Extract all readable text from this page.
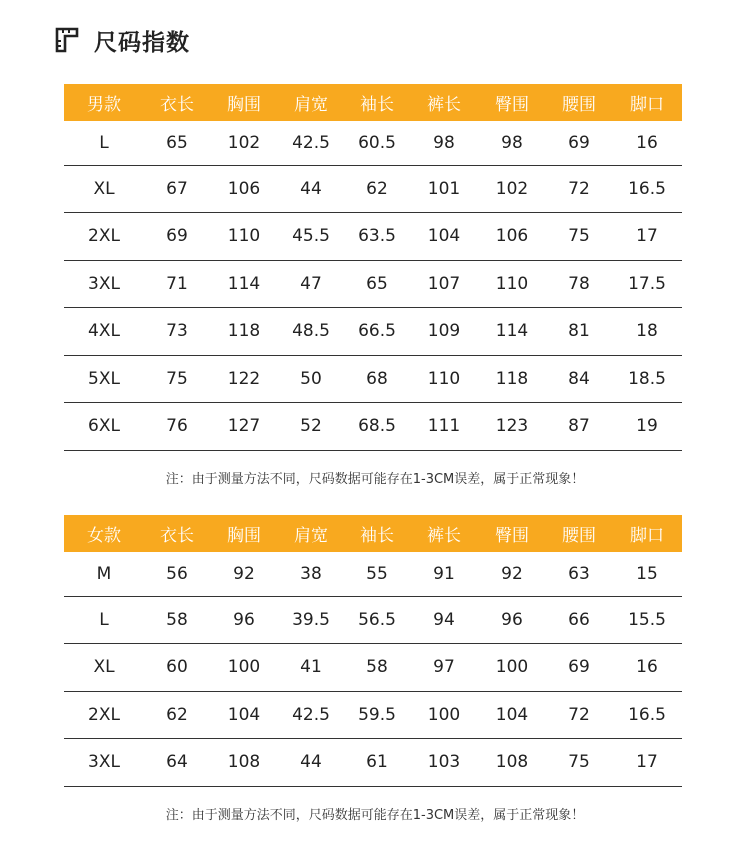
尺码指数
男款	衣长	胸围	肩宽	袖长	裤长	臀围	腰围	脚口
L	65	102	42.5	60.5	98	98	69	16
XL	67	106	44	62	101	102	72	16.5
2XL	69	110	45.5	63.5	104	106	75	17
3XL	71	114	47	65	107	110	78	17.5
4XL	73	118	48.5	66.5	109	114	81	18
5XL	75	122	50	68	110	118	84	18.5
6XL	76	127	52	68.5	111	123	87	19
注：由于测量方法不同，尺码数据可能存在1-3CM误差，属于正常现象！
女款	衣长	胸围	肩宽	袖长	裤长	臀围	腰围	脚口
M	56	92	38	55	91	92	63	15
L	58	96	39.5	56.5	94	96	66	15.5
XL	60	100	41	58	97	100	69	16
2XL	62	104	42.5	59.5	100	104	72	16.5
3XL	64	108	44	61	103	108	75	17
注：由于测量方法不同，尺码数据可能存在1-3CM误差，属于正常现象！
